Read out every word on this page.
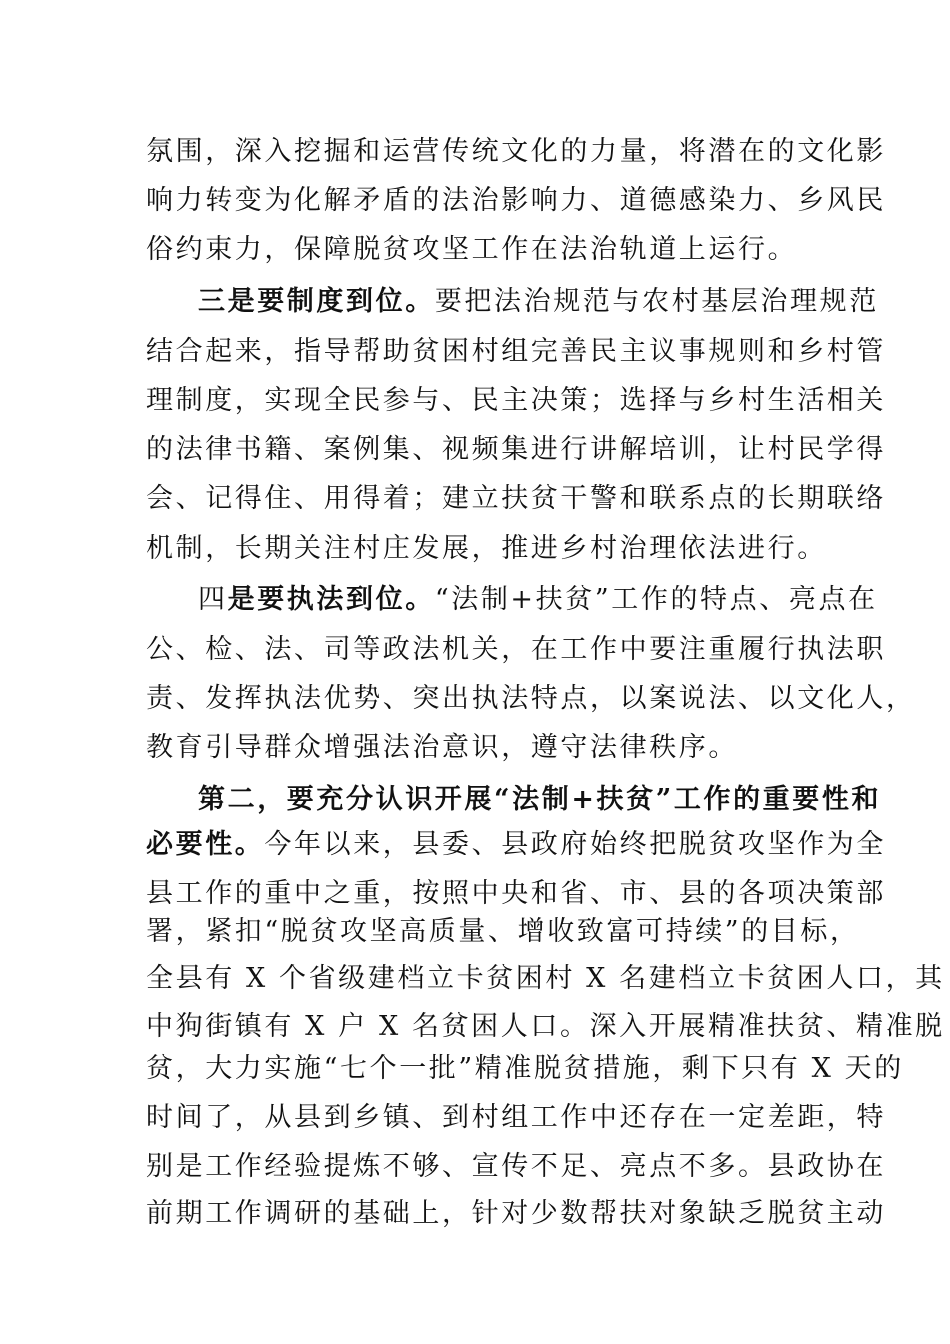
氛围，深入挖掘和运营传统文化的力量，将潜在的文化影
响力转变为化解矛盾的法治影响力、道德感染力、乡风民
俗约束力，保障脱贫攻坚工作在法治轨道上运行。
三是要制度到位。要把法治规范与农村基层治理规范
结合起来，指导帮助贫困村组完善民主议事规则和乡村管
理制度，实现全民参与、民主决策；选择与乡村生活相关
的法律书籍、案例集、视频集进行讲解培训，让村民学得
会、记得住、用得着；建立扶贫干警和联系点的长期联络
机制，长期关注村庄发展，推进乡村治理依法进行。
四是要执法到位。“法制+扶贫”工作的特点、亮点在
公、检、法、司等政法机关，在工作中要注重履行执法职
责、发挥执法优势、突出执法特点，以案说法、以文化人，
教育引导群众增强法治意识，遵守法律秩序。
第二，要充分认识开展“法制+扶贫”工作的重要性和
必要性。今年以来，县委、县政府始终把脱贫攻坚作为全
县工作的重中之重，按照中央和省、市、县的各项决策部
署，紧扣“脱贫攻坚高质量、增收致富可持续”的目标，
全县有 X 个省级建档立卡贫困村 X 名建档立卡贫困人口，其
中狗街镇有 X 户 X 名贫困人口。深入开展精准扶贫、精准脱
贫，大力实施“七个一批”精准脱贫措施，剩下只有 X 天的
时间了，从县到乡镇、到村组工作中还存在一定差距，特
别是工作经验提炼不够、宣传不足、亮点不多。县政协在
前期工作调研的基础上，针对少数帮扶对象缺乏脱贫主动
